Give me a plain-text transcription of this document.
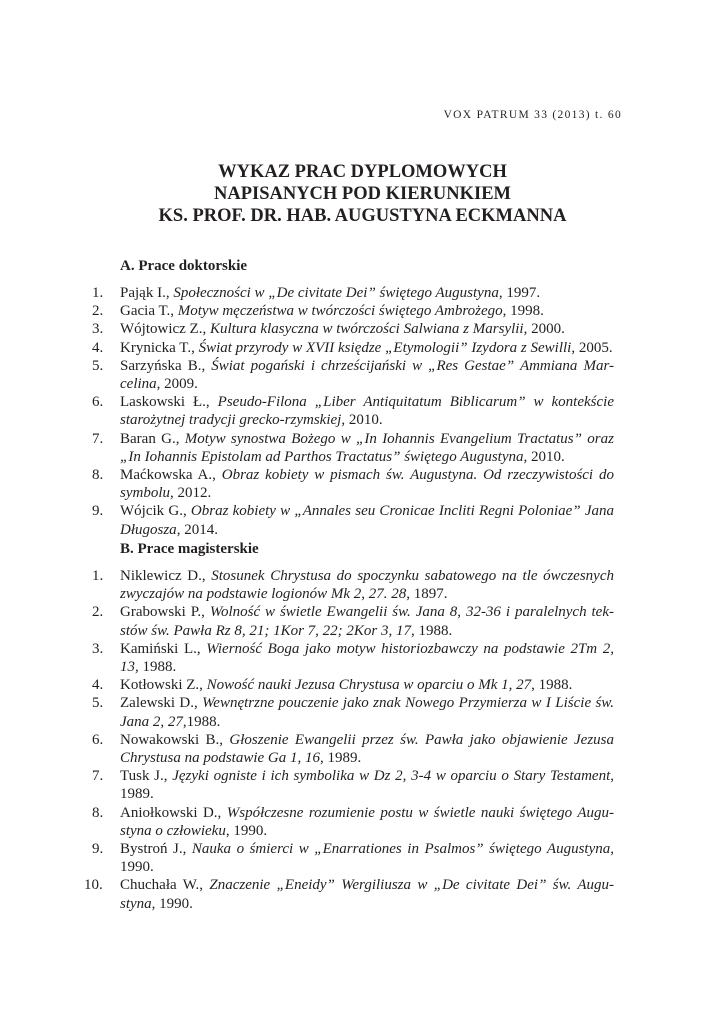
VOX PATRUM 33 (2013) t. 60
WYKAZ PRAC DYPLOMOWYCH
NAPISANYCH POD KIERUNKIEM
KS. PROF. DR. HAB. AUGUSTYNA ECKMANNA
A. Prace doktorskie
1.	Pająk I., Społeczności w „De civitate Dei” świętego Augustyna, 1997.
2.	Gacia T., Motyw męczeństwa w twórczości świętego Ambrożego, 1998.
3.	Wójtowicz Z., Kultura klasyczna w twórczości Salwiana z Marsylii, 2000.
4.	Krynicka T., Świat przyrody w XVII księdze „Etymologii” Izydora z Sewilli, 2005.
5.	Sarzyńska B., Świat pogański i chrześcijański w „Res Gestae” Ammiana Mar-
celina, 2009.
6.	Laskowski Ł., Pseudo-Filona „Liber Antiquitatum Biblicarum” w kontekście
starożytnej tradycji grecko-rzymskiej, 2010.
7.	Baran G., Motyw synostwa Bożego w „In Iohannis Evangelium Tractatus” oraz
„In Iohannis Epistolam ad Parthos Tractatus” świętego Augustyna, 2010.
8.	Maćkowska A., Obraz kobiety w pismach św. Augustyna. Od rzeczywistości do
symbolu, 2012.
9.	Wójcik G., Obraz kobiety w „Annales seu Cronicae Incliti Regni Poloniae” Jana
Długosza, 2014.
B. Prace magisterskie
1.	Niklewicz D., Stosunek Chrystusa do spoczynku sabatowego na tle ówczesnych
zwyczajów na podstawie logionów Mk 2, 27. 28, 1897.
2.	Grabowski P., Wolność w świetle Ewangelii św. Jana 8, 32-36 i paralelnych tek-
stów św. Pawła Rz 8, 21; 1Kor 7, 22; 2Kor 3, 17, 1988.
3.	Kamiński L., Wierność Boga jako motyw historiozbawczy na podstawie 2Tm 2,
13, 1988.
4.	Kotłowski Z., Nowość nauki Jezusa Chrystusa w oparciu o Mk 1, 27, 1988.
5.	Zalewski D., Wewnętrzne pouczenie jako znak Nowego Przymierza w I Liście św.
Jana 2, 27,1988.
6.	Nowakowski B., Głoszenie Ewangelii przez św. Pawła jako objawienie Jezusa
Chrystusa na podstawie Ga 1, 16, 1989.
7.	Tusk J., Języki ogniste i ich symbolika w Dz 2, 3-4 w oparciu o Stary Testament,
1989.
8.	Aniołkowski D., Współczesne rozumienie postu w świetle nauki świętego Augu-
styna o człowieku, 1990.
9.	Bystroń J., Nauka o śmierci w „Enarrationes in Psalmos” świętego Augustyna,
1990.
10.	Chuchała W., Znaczenie „Eneidy” Wergiliusza w „De civitate Dei” św. Augu-
styna, 1990.
